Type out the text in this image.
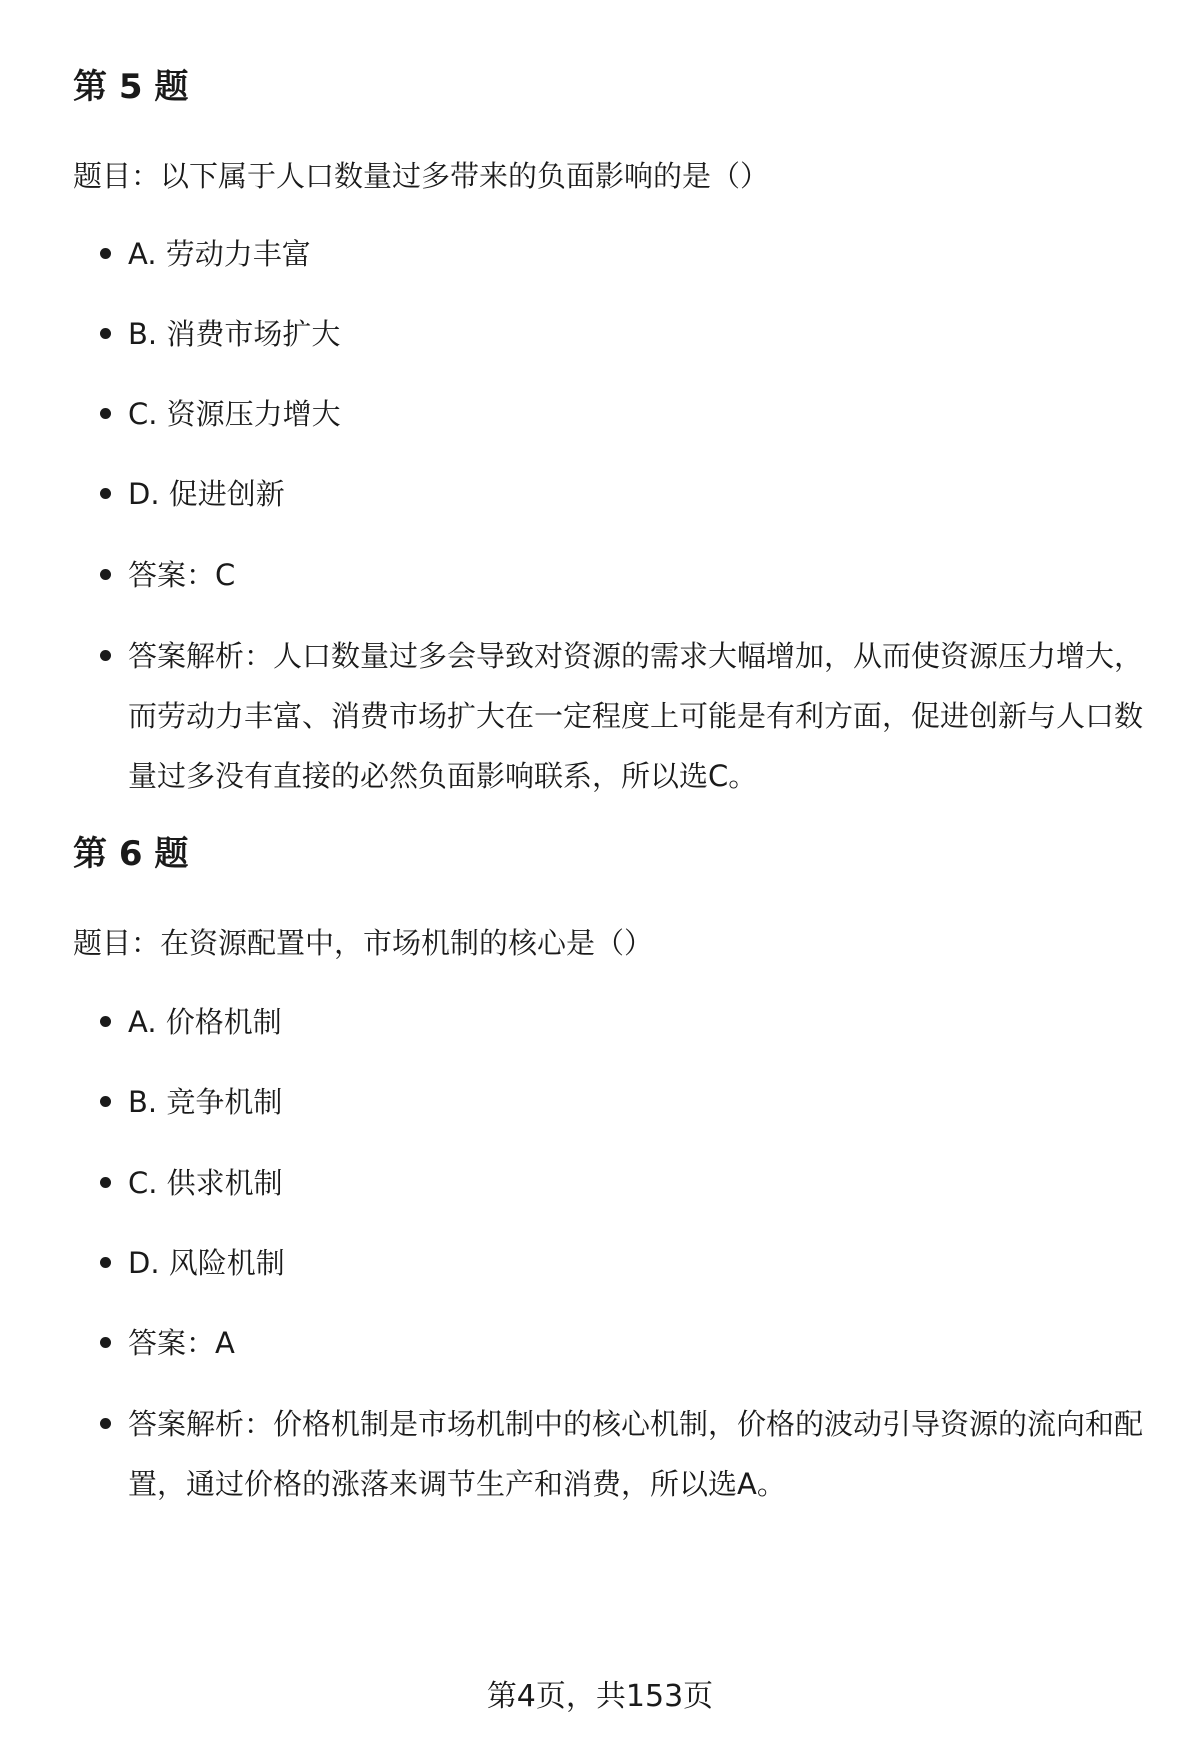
第 5 题

题目：以下属于人口数量过多带来的负面影响的是（）

A. 劳动力丰富
B. 消费市场扩大
C. 资源压力增大
D. 促进创新
答案：C
答案解析：人口数量过多会导致对资源的需求大幅增加，从而使资源压力增大，而劳动力丰富、消费市场扩大在一定程度上可能是有利方面，促进创新与人口数量过多没有直接的必然负面影响联系，所以选C。
第 6 题

题目：在资源配置中，市场机制的核心是（）

A. 价格机制
B. 竞争机制
C. 供求机制
D. 风险机制
答案：A
答案解析：价格机制是市场机制中的核心机制，价格的波动引导资源的流向和配置，通过价格的涨落来调节生产和消费，所以选A。
第4页，共153页
